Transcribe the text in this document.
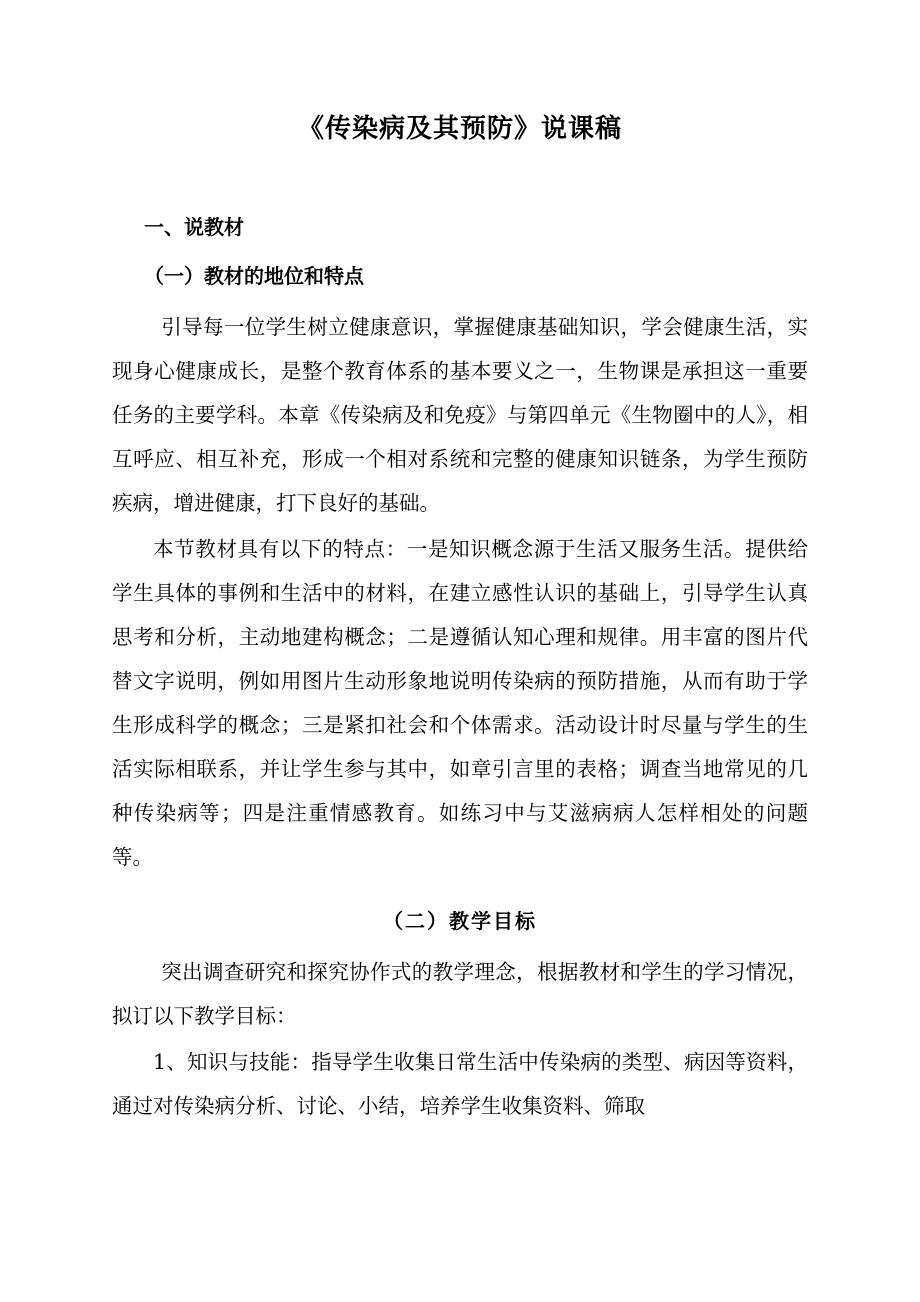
《传染病及其预防》说课稿
一、说教材
（一）教材的地位和特点

引导每一位学生树立健康意识，掌握健康基础知识，学会健康生活，实现身心健康成长，是整个教育体系的基本要义之一，生物课是承担这一重要任务的主要学科。本章《传染病及和免疫》与第四单元《生物圈中的人》，相互呼应、相互补充，形成一个相对系统和完整的健康知识链条，为学生预防疾病，增进健康，打下良好的基础。

本节教材具有以下的特点：一是知识概念源于生活又服务生活。提供给学生具体的事例和生活中的材料，在建立感性认识的基础上，引导学生认真思考和分析，主动地建构概念；二是遵循认知心理和规律。用丰富的图片代替文字说明，例如用图片生动形象地说明传染病的预防措施，从而有助于学生形成科学的概念；三是紧扣社会和个体需求。活动设计时尽量与学生的生活实际相联系，并让学生参与其中，如章引言里的表格；调查当地常见的几种传染病等；四是注重情感教育。如练习中与艾滋病病人怎样相处的问题等。

（二）教学目标

突出调查研究和探究协作式的教学理念，根据教材和学生的学习情况，拟订以下教学目标：

1、知识与技能：指导学生收集日常生活中传染病的类型、病因等资料，通过对传染病分析、讨论、小结，培养学生收集资料、筛取
